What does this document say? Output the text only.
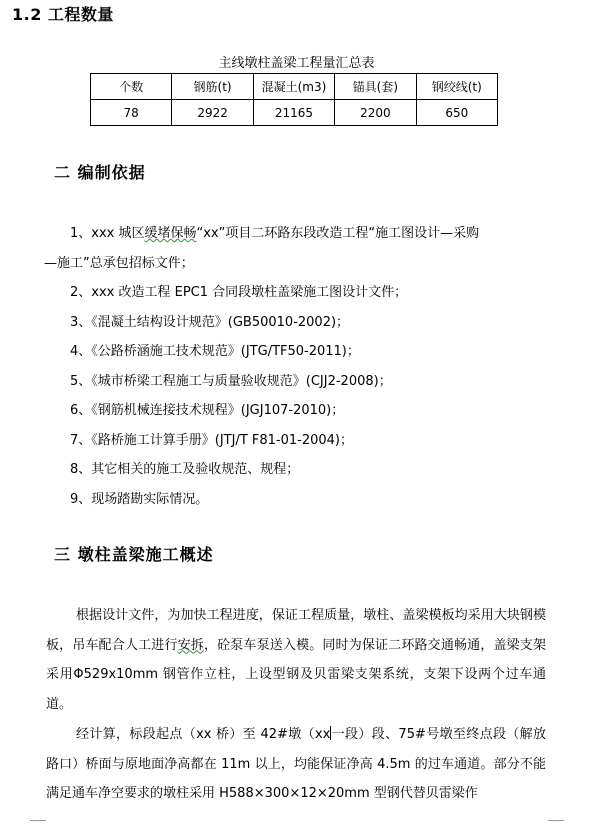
1.2 工程数量
主线墩柱盖梁工程量汇总表
个数	钢筋(t)	混凝土(m3)	锚具(套)	钢绞线(t)
78	2922	21165	2200	650
二 编制依据
1、xxx 城区缓堵保畅“xx”项目二环路东段改造工程“施工图设计—采购
—施工”总承包招标文件；
2、xxx 改造工程 EPC1 合同段墩柱盖梁施工图设计文件；
3、《混凝土结构设计规范》(GB50010-2002)；
4、《公路桥涵施工技术规范》(JTG/TF50-2011)；
5、《城市桥梁工程施工与质量验收规范》(CJJ2-2008)；
6、《钢筋机械连接技术规程》(JGJ107-2010)；
7、《路桥施工计算手册》(JTJ/T F81-01-2004)；
8、其它相关的施工及验收规范、规程；
9、现场踏勘实际情况。
三 墩柱盖梁施工概述
根据设计文件，为加快工程进度，保证工程质量，墩柱、盖梁模板均采用大块钢模板，吊车配合人工进行安拆，砼泵车泵送入模。同时为保证二环路交通畅通，盖梁支架采用Φ529x10mm 钢管作立柱，上设型钢及贝雷梁支架系统，支架下设两个过车通道。
经计算，标段起点（xx 桥）至 42#墩（xx一段）段、75#号墩至终点段（解放路口）桥面与原地面净高都在 11m 以上，均能保证净高 4.5m 的过车通道。部分不能满足通车净空要求的墩柱采用 H588×300×12×20mm 型钢代替贝雷梁作
